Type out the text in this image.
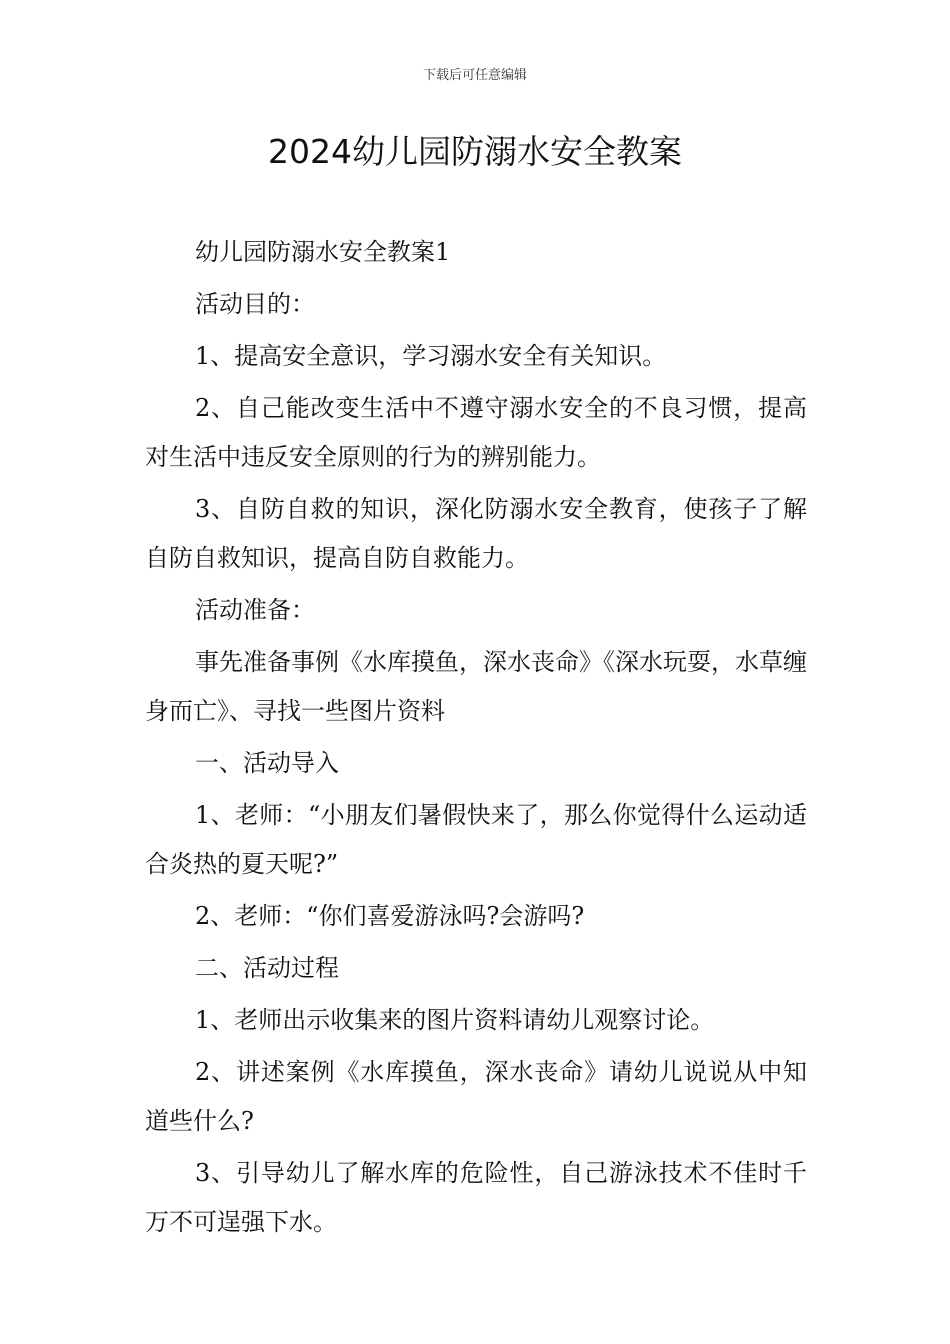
下载后可任意编辑
2024幼儿园防溺水安全教案

幼儿园防溺水安全教案1

活动目的：

1、提高安全意识，学习溺水安全有关知识。

2、自己能改变生活中不遵守溺水安全的不良习惯，提高对生活中违反安全原则的行为的辨别能力。

3、自防自救的知识，深化防溺水安全教育，使孩子了解自防自救知识，提高自防自救能力。

活动准备：

事先准备事例《水库摸鱼，深水丧命》《深水玩耍，水草缠身而亡》、寻找一些图片资料

一、活动导入

1、老师：“小朋友们暑假快来了，那么你觉得什么运动适合炎热的夏天呢?”

2、老师：“你们喜爱游泳吗?会游吗?

二、活动过程

1、老师出示收集来的图片资料请幼儿观察讨论。

2、讲述案例《水库摸鱼，深水丧命》请幼儿说说从中知道些什么?

3、引导幼儿了解水库的危险性，自己游泳技术不佳时千万不可逞强下水。
